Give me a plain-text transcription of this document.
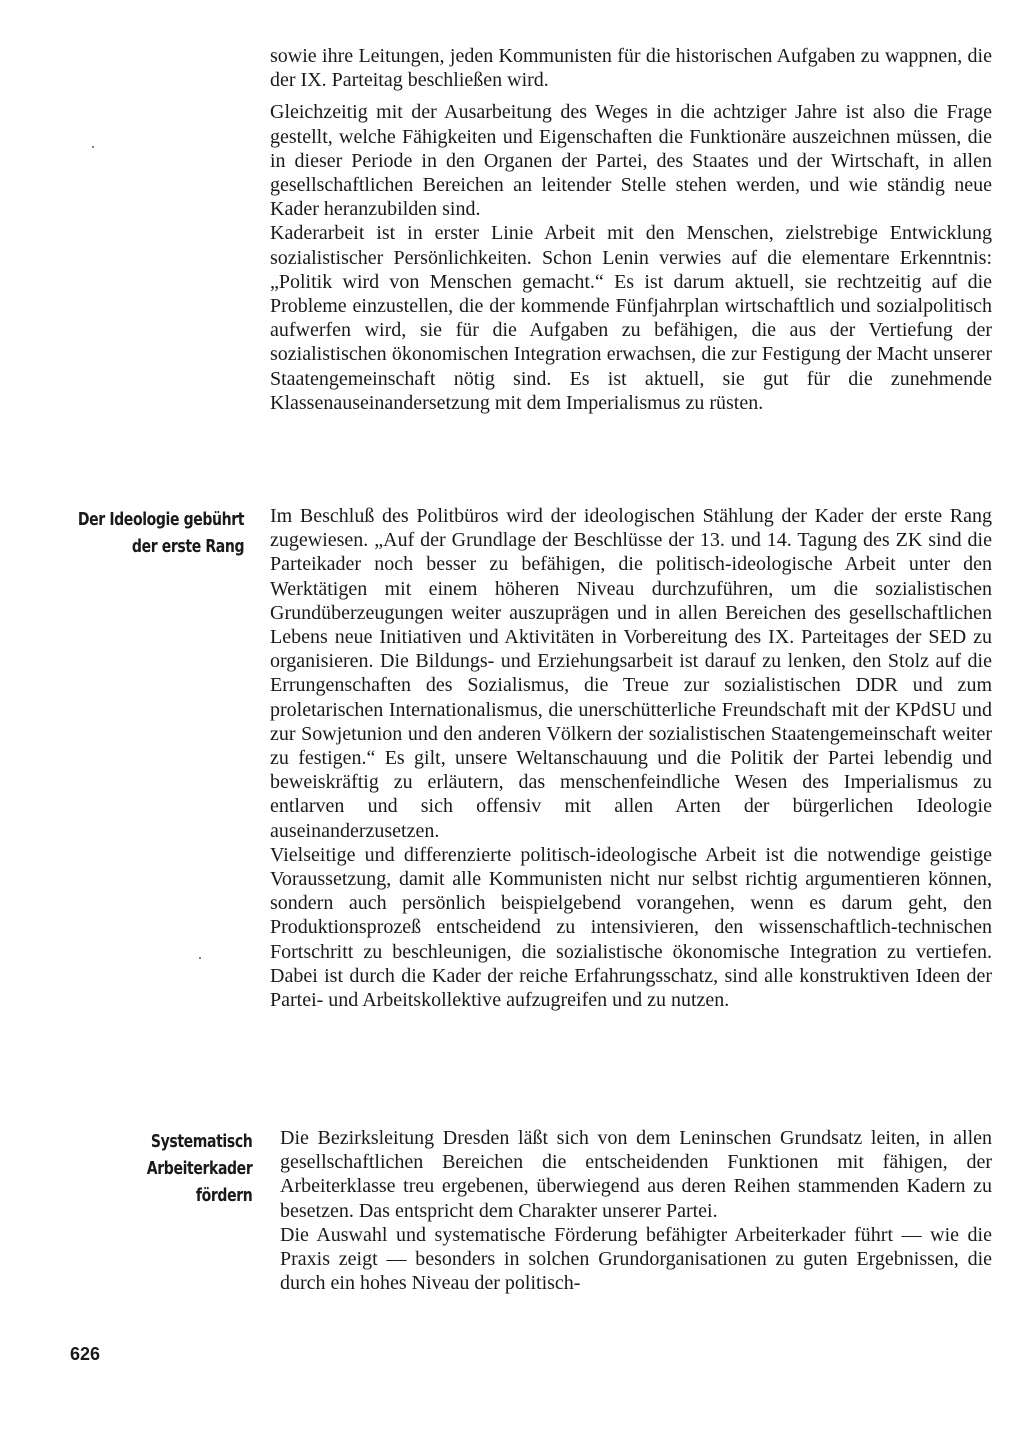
sowie ihre Leitungen, jeden Kommunisten für die historischen Aufgaben zu wappnen, die der IX. Parteitag beschließen wird.

Gleichzeitig mit der Ausarbeitung des Weges in die achtziger Jahre ist also die Frage gestellt, welche Fähigkeiten und Eigenschaften die Funktionäre auszeichnen müssen, die in dieser Periode in den Organen der Partei, des Staates und der Wirtschaft, in allen gesellschaftlichen Bereichen an leitender Stelle stehen werden, und wie ständig neue Kader heranzubilden sind.

Kaderarbeit ist in erster Linie Arbeit mit den Menschen, zielstrebige Entwicklung sozialistischer Persönlichkeiten. Schon Lenin verwies auf die elementare Erkenntnis: „Politik wird von Menschen gemacht.“ Es ist darum aktuell, sie rechtzeitig auf die Probleme einzustellen, die der kommende Fünfjahrplan wirtschaftlich und sozialpolitisch aufwerfen wird, sie für die Aufgaben zu befähigen, die aus der Vertiefung der sozialistischen ökonomischen Integration erwachsen, die zur Festigung der Macht unserer Staatengemeinschaft nötig sind. Es ist aktuell, sie gut für die zunehmende Klassenauseinandersetzung mit dem Imperialismus zu rüsten.

Der Ideologie gebührt
der erste Rang

Im Beschluß des Politbüros wird der ideologischen Stählung der Kader der erste Rang zugewiesen. „Auf der Grundlage der Beschlüsse der 13. und 14. Tagung des ZK sind die Parteikader noch besser zu befähigen, die politisch-ideologische Arbeit unter den Werktätigen mit einem höheren Niveau durchzuführen, um die sozialistischen Grundüberzeugungen weiter auszuprägen und in allen Bereichen des gesellschaftlichen Lebens neue Initiativen und Aktivitäten in Vorbereitung des IX. Parteitages der SED zu organisieren. Die Bildungs- und Erziehungsarbeit ist darauf zu lenken, den Stolz auf die Errungenschaften des Sozialismus, die Treue zur sozialistischen DDR und zum proletarischen Internationalismus, die unerschütterliche Freundschaft mit der KPdSU und zur Sowjetunion und den anderen Völkern der sozialistischen Staatengemeinschaft weiter zu festigen.“ Es gilt, unsere Weltanschauung und die Politik der Partei lebendig und beweiskräftig zu erläutern, das menschenfeindliche Wesen des Imperialismus zu entlarven und sich offensiv mit allen Arten der bürgerlichen Ideologie auseinanderzusetzen.

Vielseitige und differenzierte politisch-ideologische Arbeit ist die notwendige geistige Voraussetzung, damit alle Kommunisten nicht nur selbst richtig argumentieren können, sondern auch persönlich beispielgebend vorangehen, wenn es darum geht, den Produktionsprozeß entscheidend zu intensivieren, den wissenschaftlich-technischen Fortschritt zu beschleunigen, die sozialistische ökonomische Integration zu vertiefen. Dabei ist durch die Kader der reiche Erfahrungsschatz, sind alle konstruktiven Ideen der Partei- und Arbeitskollektive aufzugreifen und zu nutzen.

Systematisch
Arbeiterkader
fördern

Die Bezirksleitung Dresden läßt sich von dem Leninschen Grundsatz leiten, in allen gesellschaftlichen Bereichen die entscheidenden Funktionen mit fähigen, der Arbeiterklasse treu ergebenen, überwiegend aus deren Reihen stammenden Kadern zu besetzen. Das entspricht dem Charakter unserer Partei.

Die Auswahl und systematische Förderung befähigter Arbeiterkader führt — wie die Praxis zeigt — besonders in solchen Grundorganisationen zu guten Ergebnissen, die durch ein hohes Niveau der politisch-

626
